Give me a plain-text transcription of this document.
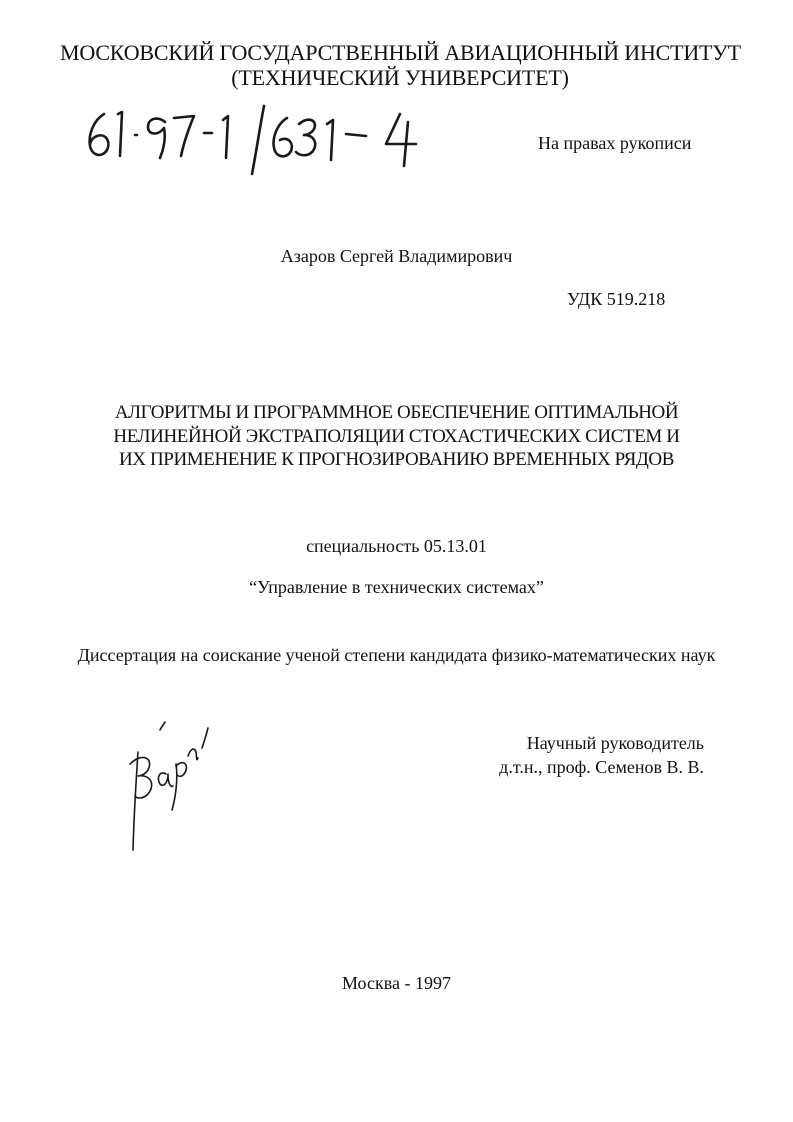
МОСКОВСКИЙ ГОСУДАРСТВЕННЫЙ АВИАЦИОННЫЙ ИНСТИТУТ
(ТЕХНИЧЕСКИЙ УНИВЕРСИТЕТ)
На правах рукописи
Азаров Сергей Владимирович
УДК 519.218
АЛГОРИТМЫ И ПРОГРАММНОЕ ОБЕСПЕЧЕНИЕ ОПТИМАЛЬНОЙ
НЕЛИНЕЙНОЙ ЭКСТРАПОЛЯЦИИ СТОХАСТИЧЕСКИХ СИСТЕМ И
ИХ ПРИМЕНЕНИЕ К ПРОГНОЗИРОВАНИЮ ВРЕМЕННЫХ РЯДОВ
специальность 05.13.01
“Управление в технических системах”
Диссертация на соискание ученой степени кандидата физико-математических наук
Научный руководитель
д.т.н., проф. Семенов В. В.
Москва - 1997
